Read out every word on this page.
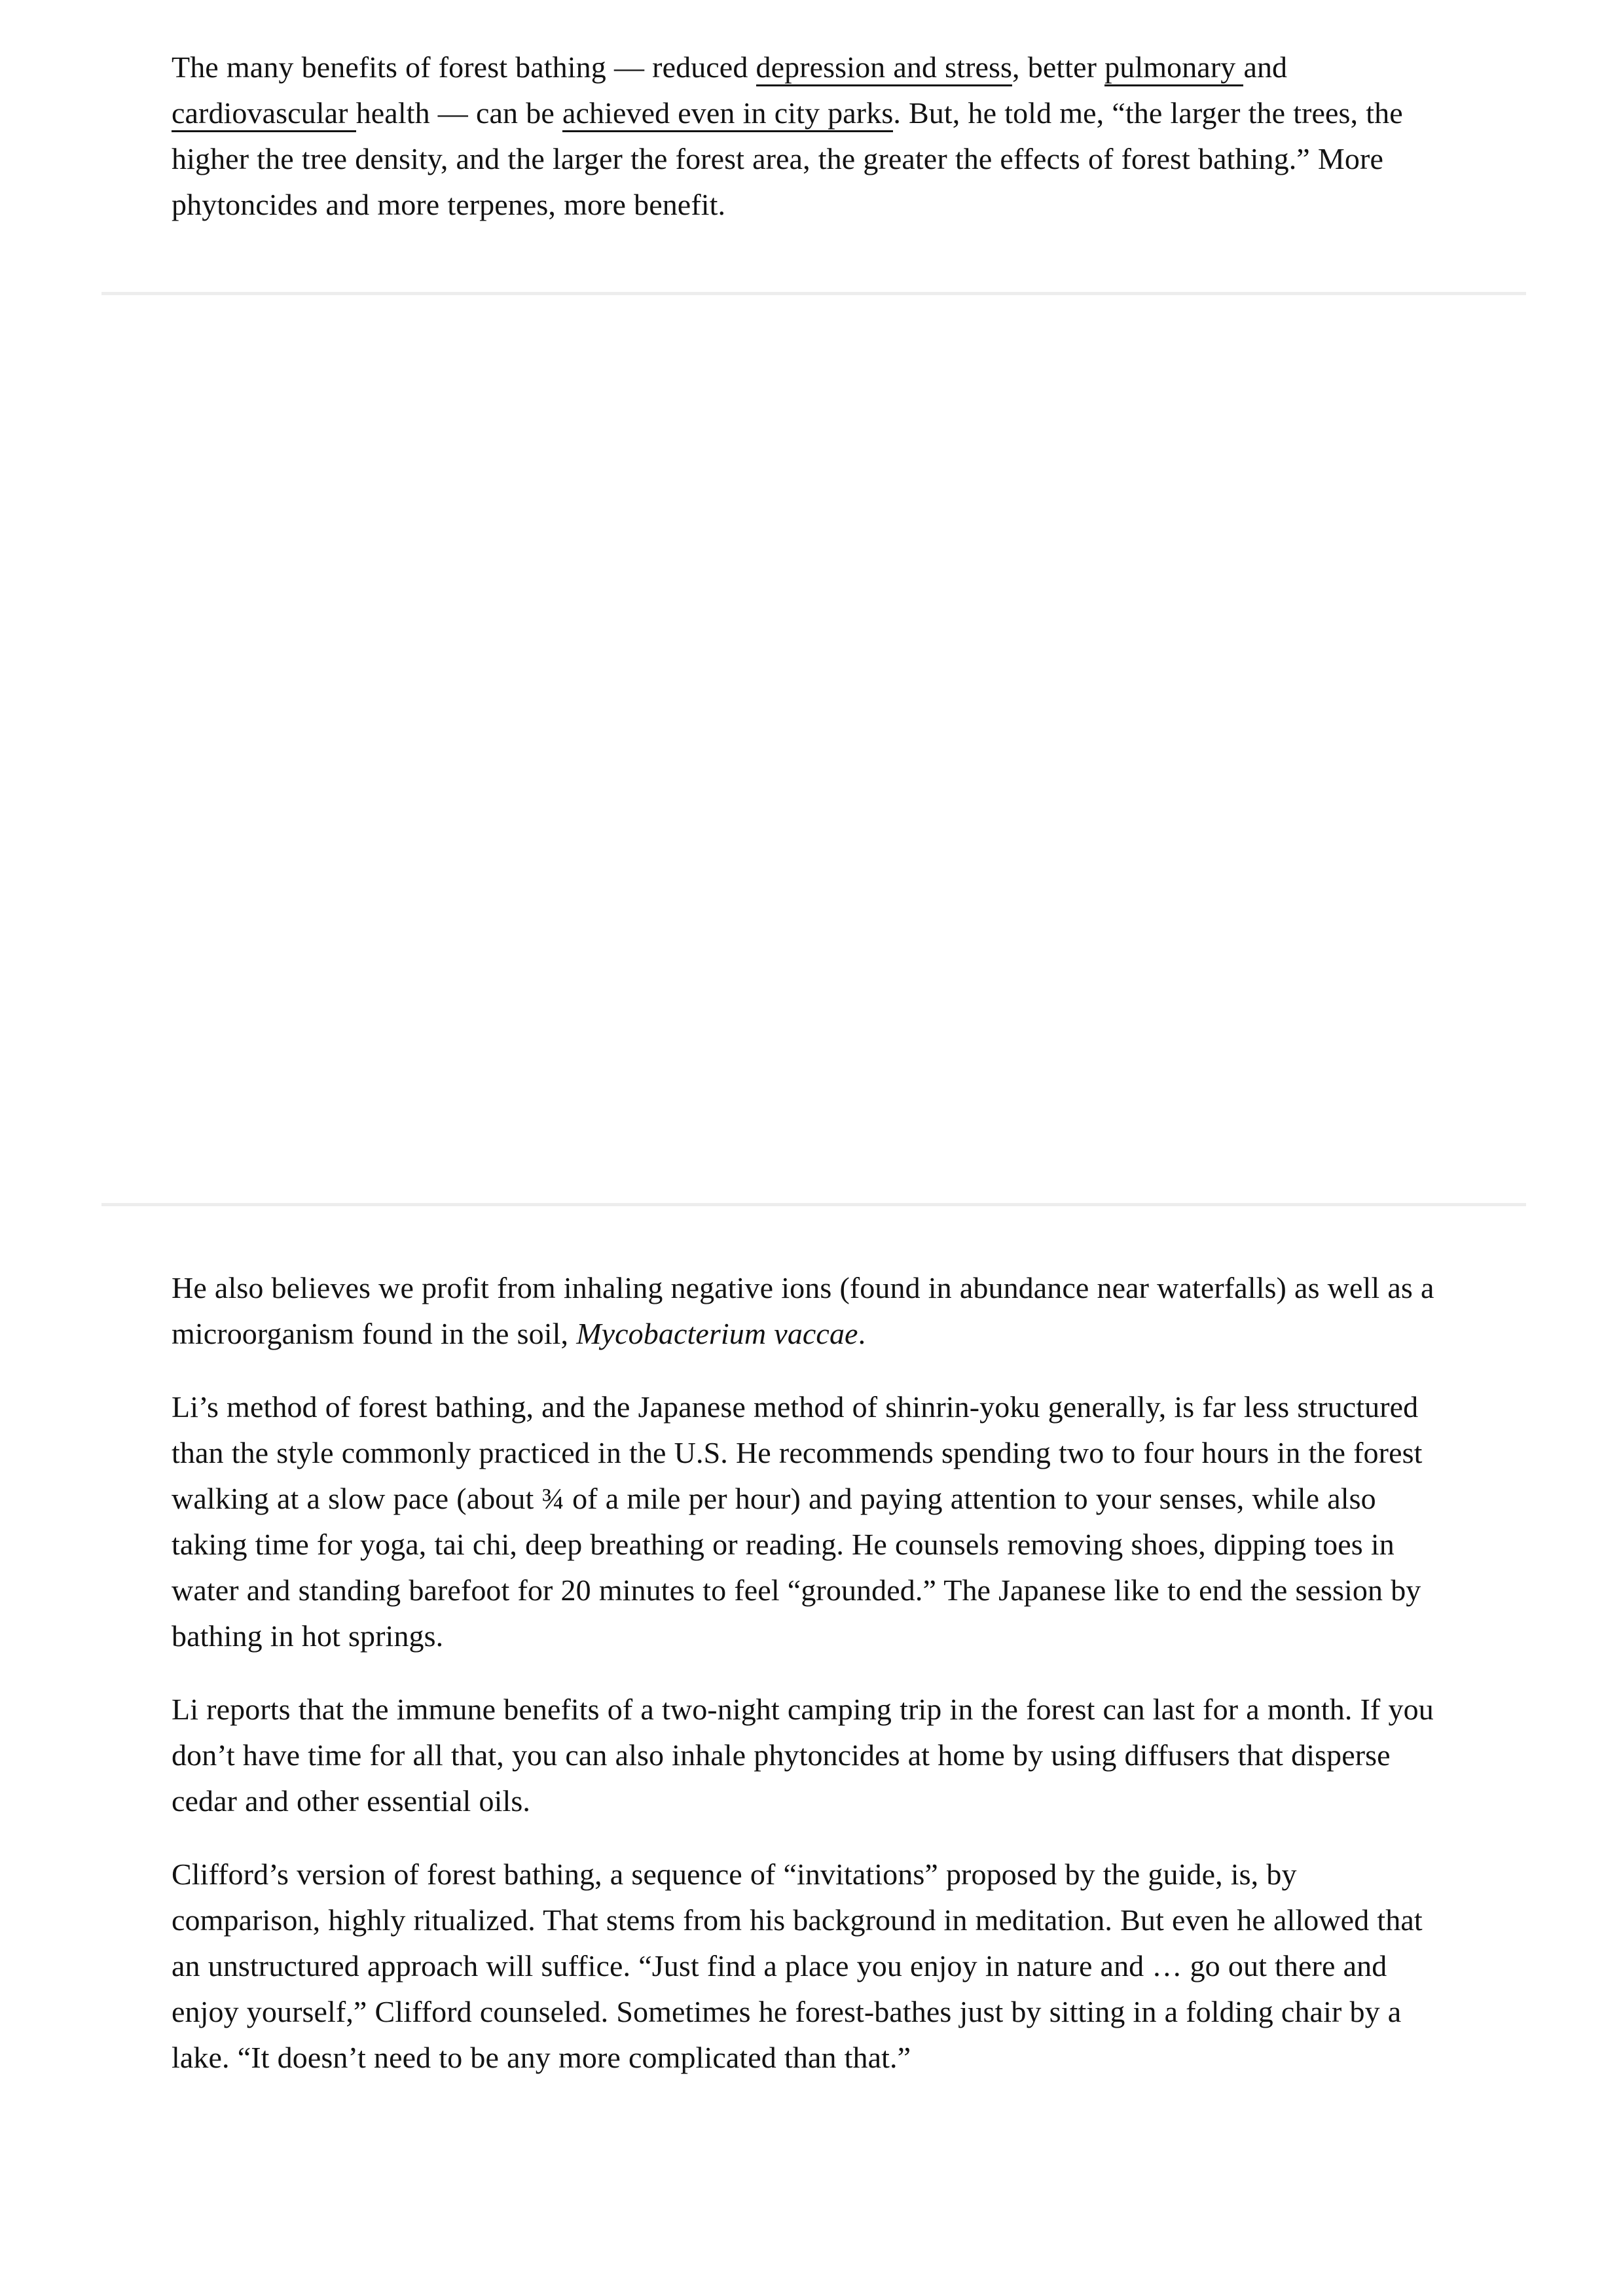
The many benefits of forest bathing — reduced depression and stress, better pulmonary and cardiovascular health — can be achieved even in city parks. But, he told me, “the larger the trees, the higher the tree density, and the larger the forest area, the greater the effects of forest bathing.” More phytoncides and more terpenes, more benefit.

He also believes we profit from inhaling negative ions (found in abundance near waterfalls) as well as a microorganism found in the soil, Mycobacterium vaccae.

Li’s method of forest bathing, and the Japanese method of shinrin-yoku generally, is far less structured than the style commonly practiced in the U.S. He recommends spending two to four hours in the forest walking at a slow pace (about ¾ of a mile per hour) and paying attention to your senses, while also taking time for yoga, tai chi, deep breathing or reading. He counsels removing shoes, dipping toes in water and standing barefoot for 20 minutes to feel “grounded.” The Japanese like to end the session by bathing in hot springs.

Li reports that the immune benefits of a two-night camping trip in the forest can last for a month. If you don’t have time for all that, you can also inhale phytoncides at home by using diffusers that disperse cedar and other essential oils.

Clifford’s version of forest bathing, a sequence of “invitations” proposed by the guide, is, by comparison, highly ritualized. That stems from his background in meditation. But even he allowed that an unstructured approach will suffice. “Just find a place you enjoy in nature and … go out there and enjoy yourself,” Clifford counseled. Sometimes he forest-bathes just by sitting in a folding chair by a lake. “It doesn’t need to be any more complicated than that.”
